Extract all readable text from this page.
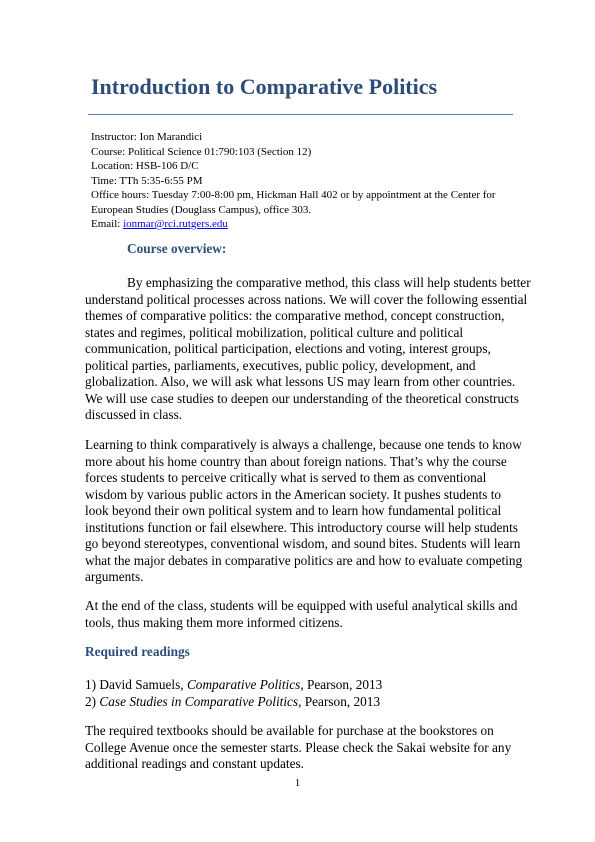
Introduction to Comparative Politics
Instructor: Ion Marandici
Course: Political Science 01:790:103 (Section 12)
Location: HSB-106 D/C
Time: TTh 5:35-6:55 PM
Office hours: Tuesday 7:00-8:00 pm, Hickman Hall 402 or by appointment at the Center for
European Studies (Douglass Campus), office 303.
Email: ionmar@rci.rutgers.edu
Course overview:
By emphasizing the comparative method, this class will help students better
understand political processes across nations. We will cover the following essential
themes of comparative politics: the comparative method, concept construction,
states and regimes, political mobilization, political culture and political
communication, political participation, elections and voting, interest groups,
political parties, parliaments, executives, public policy, development, and
globalization. Also, we will ask what lessons US may learn from other countries.
We will use case studies to deepen our understanding of the theoretical constructs
discussed in class.
Learning to think comparatively is always a challenge, because one tends to know
more about his home country than about foreign nations. That’s why the course
forces students to perceive critically what is served to them as conventional
wisdom by various public actors in the American society. It pushes students to
look beyond their own political system and to learn how fundamental political
institutions function or fail elsewhere. This introductory course will help students
go beyond stereotypes, conventional wisdom, and sound bites. Students will learn
what the major debates in comparative politics are and how to evaluate competing
arguments.
At the end of the class, students will be equipped with useful analytical skills and
tools, thus making them more informed citizens.
Required readings
1) David Samuels, Comparative Politics, Pearson, 2013
2) Case Studies in Comparative Politics, Pearson, 2013
The required textbooks should be available for purchase at the bookstores on
College Avenue once the semester starts. Please check the Sakai website for any
additional readings and constant updates.
1
